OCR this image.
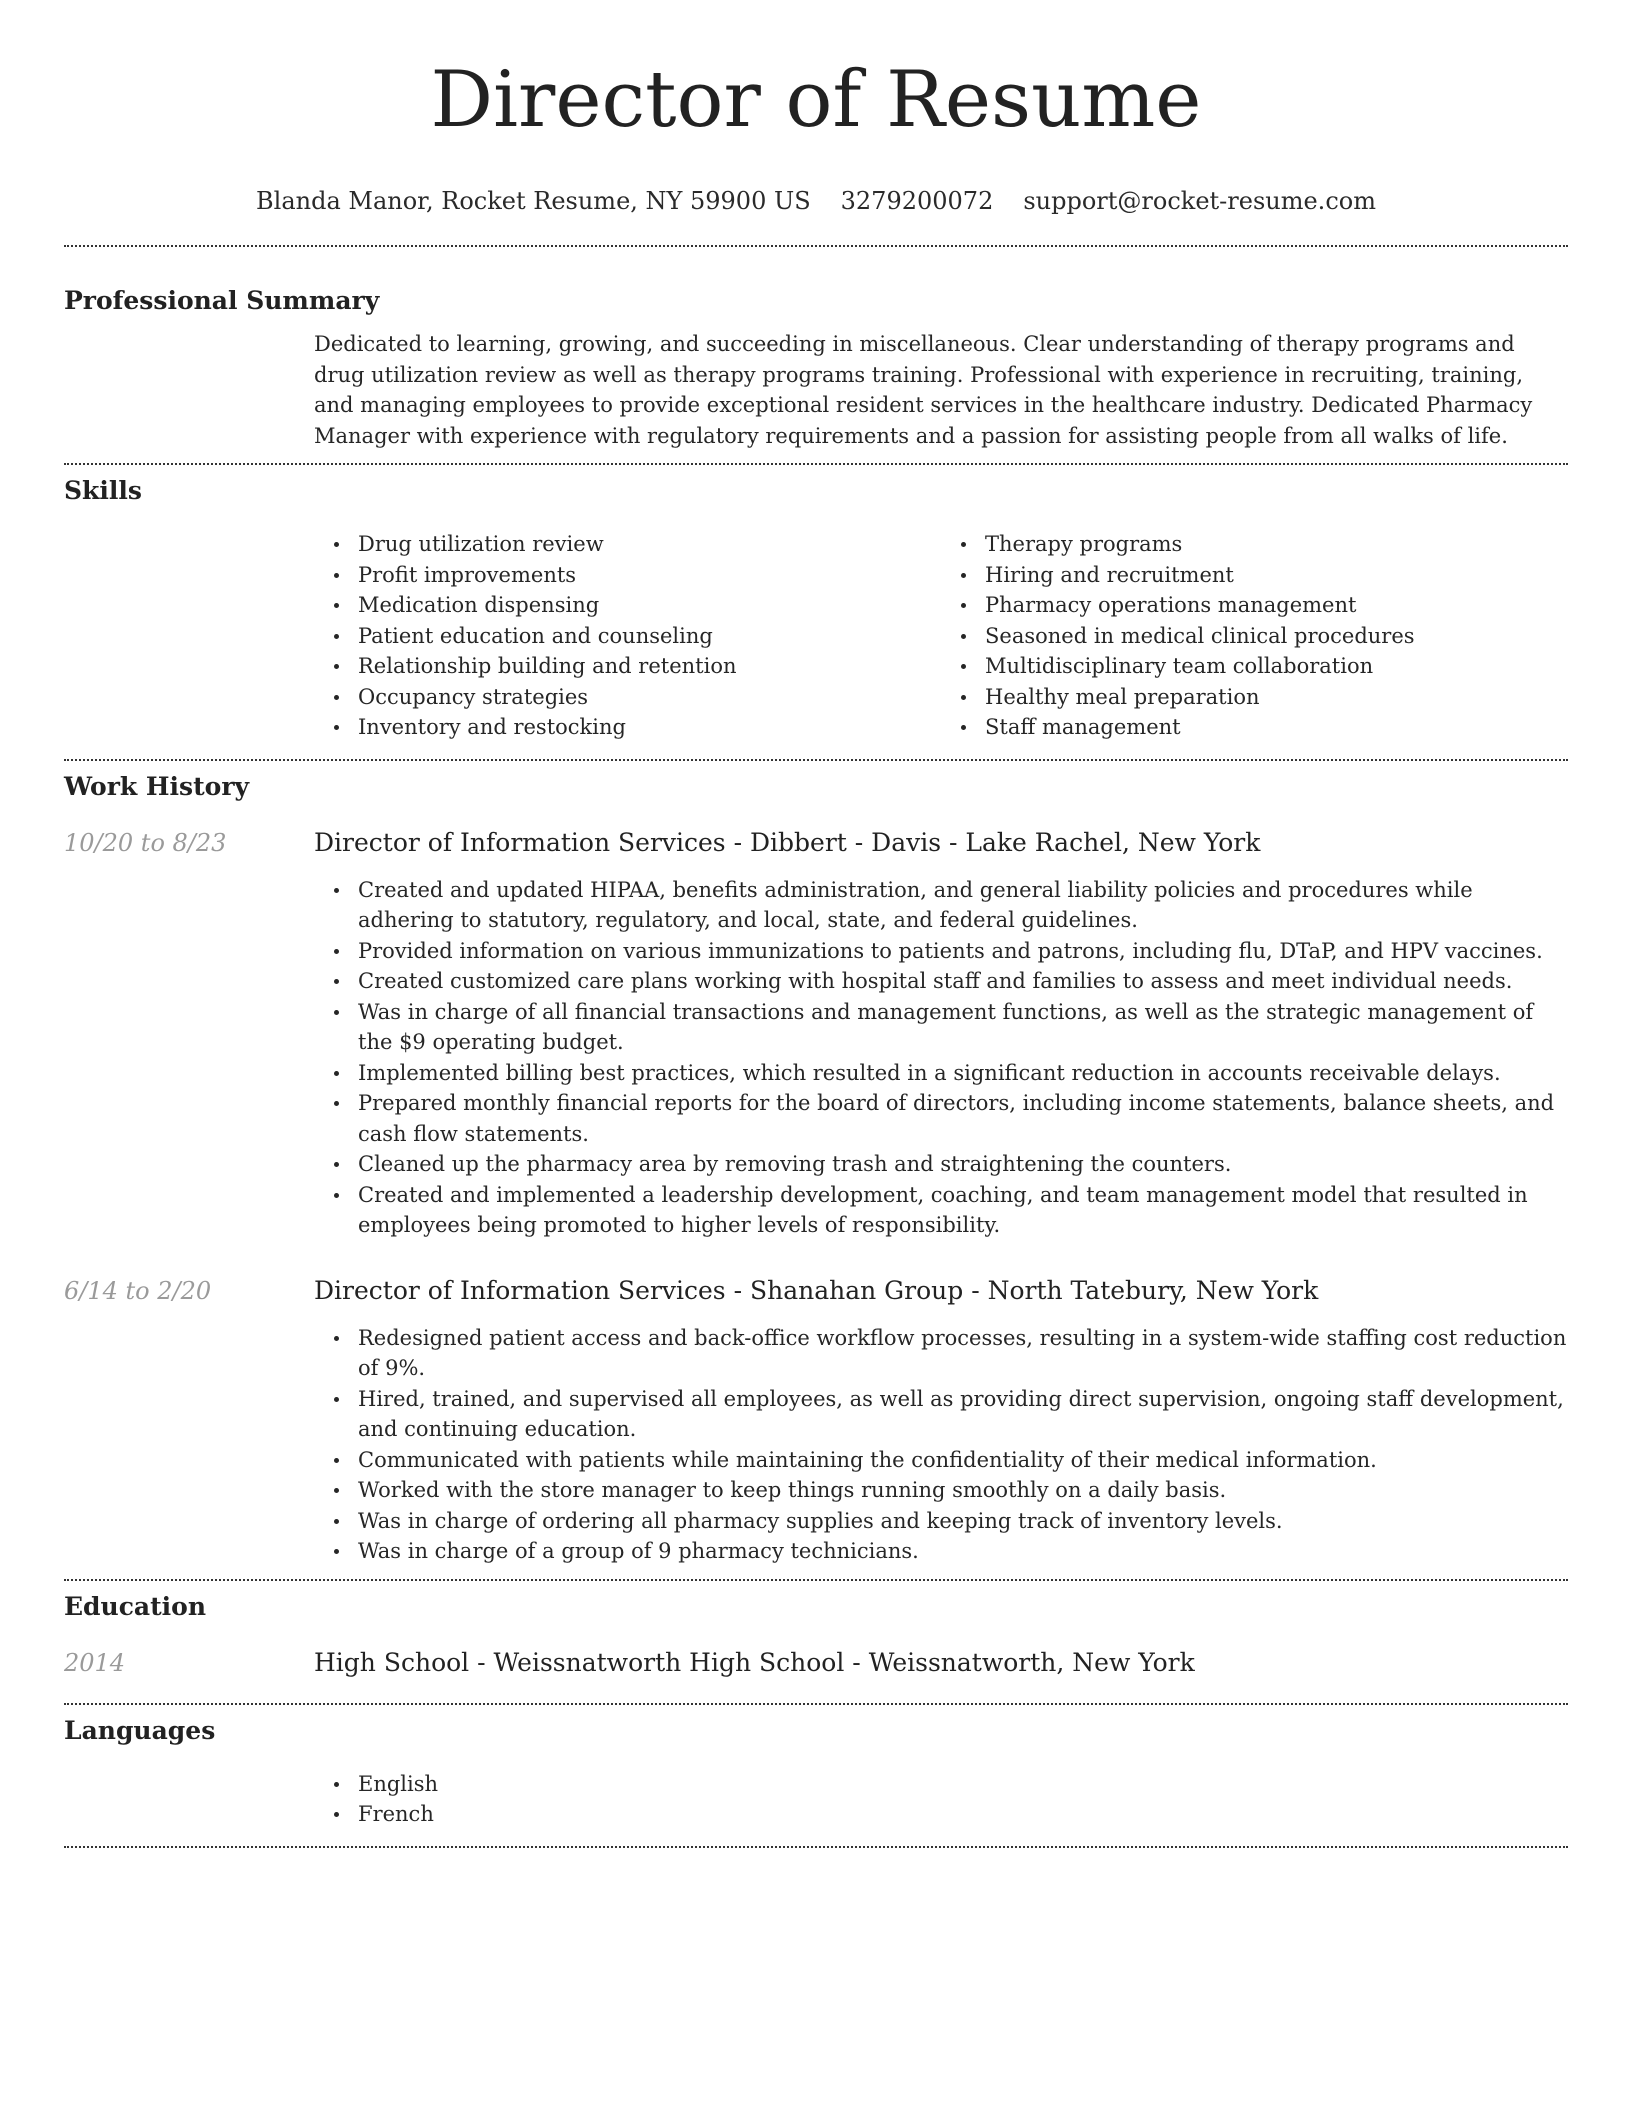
Director of Resume
Blanda Manor, Rocket Resume, NY 59900 US 3279200072 support@rocket-resume.com
Professional Summary
Dedicated to learning, growing, and succeeding in miscellaneous. Clear understanding of therapy programs and drug utilization review as well as therapy programs training. Professional with experience in recruiting, training, and managing employees to provide exceptional resident services in the healthcare industry. Dedicated Pharmacy Manager with experience with regulatory requirements and a passion for assisting people from all walks of life.
Skills
Drug utilization review
Profit improvements
Medication dispensing
Patient education and counseling
Relationship building and retention
Occupancy strategies
Inventory and restocking
Therapy programs
Hiring and recruitment
Pharmacy operations management
Seasoned in medical clinical procedures
Multidisciplinary team collaboration
Healthy meal preparation
Staff management
Work History
10/20 to 8/23	Director of Information Services - Dibbert - Davis - Lake Rachel, New York
Created and updated HIPAA, benefits administration, and general liability policies and procedures while adhering to statutory, regulatory, and local, state, and federal guidelines.
Provided information on various immunizations to patients and patrons, including flu, DTaP, and HPV vaccines.
Created customized care plans working with hospital staff and families to assess and meet individual needs.
Was in charge of all financial transactions and management functions, as well as the strategic management of the $9 operating budget.
Implemented billing best practices, which resulted in a significant reduction in accounts receivable delays.
Prepared monthly financial reports for the board of directors, including income statements, balance sheets, and cash flow statements.
Cleaned up the pharmacy area by removing trash and straightening the counters.
Created and implemented a leadership development, coaching, and team management model that resulted in employees being promoted to higher levels of responsibility.
6/14 to 2/20	Director of Information Services - Shanahan Group - North Tatebury, New York
Redesigned patient access and back-office workflow processes, resulting in a system-wide staffing cost reduction of 9%.
Hired, trained, and supervised all employees, as well as providing direct supervision, ongoing staff development, and continuing education.
Communicated with patients while maintaining the confidentiality of their medical information.
Worked with the store manager to keep things running smoothly on a daily basis.
Was in charge of ordering all pharmacy supplies and keeping track of inventory levels.
Was in charge of a group of 9 pharmacy technicians.
Education
2014	High School - Weissnatworth High School - Weissnatworth, New York
Languages
English
French
